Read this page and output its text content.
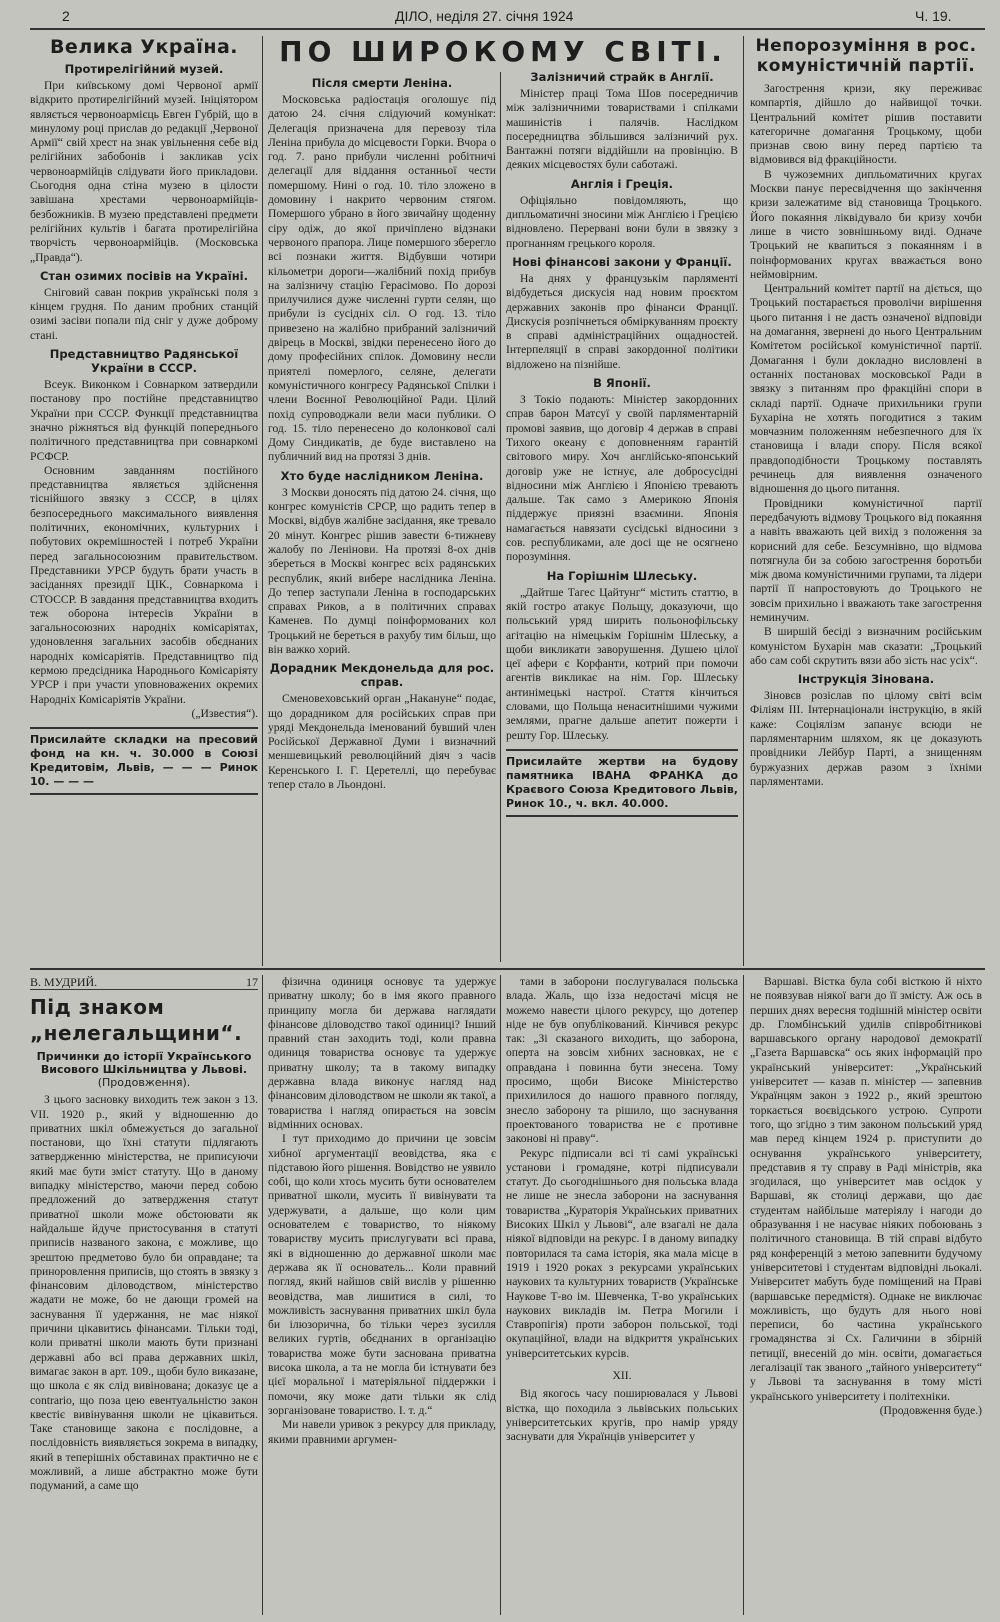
2	ДІЛО, неділя 27. січня 1924	Ч. 19.
Велика Україна.
Протирелігійний музей.

При київському домі Червоної армії відкрито протирелігійний музей. Ініціятором являється червоноармієць Евген Губрій, що в минулому році прислав до редакції „Червоної Армії“ свій хрест на знак увільнення себе від релігійних забобонів і закликав усіх червоноармійців слідувати його прикладови. Сьогодня одна стіна музею в цілости завішана хрестами червоноармійців-безбожників. В музею представлені предмети релігійних культів і багата протирелігійна творчість червоноармійців. (Московська „Правда“).

Стан озимих посівів на Україні.

Сніговий саван покрив українські поля з кінцем грудня. По даним пробних станцій озимі засіви попали під сніг у дуже доброму стані.

Представництво Радянської України в СССР.

Всеук. Виконком і Совнарком затвердили постанову про постійне представництво України при СССР. Функції представництва значно ріжняться від функцій попереднього політичного представництва при совнаркомі РСФСР.

Основним завданням постійного представництва являється здійснення тіснійшого звязку з СССР, в цілях безпосереднього максимального виявлення політичних, економічних, культурних і побутових окремішностей і потреб України перед загальносоюзним правительством. Представники УРСР будуть брати участь в засіданнях президії ЦІК., Совнаркома і СТОССР. В завдання представництва входить теж оборона інтересів України в загальносоюзних народніх комісаріятах, удоновлення загальних засобів обєднаних народніх комісаріятів. Представництво під кермою предсідника Народнього Комісаріяту УРСР і при участи уповноважених окремих Народніх Комісаріятів України.

(„Известия“).
Присилайте складки на пресовий фонд на кн. ч. 30.000 в Союзі Кредитовім, Львів, — — — Ринок 10. — — —
ПО ШИРОКОМУ СВІТІ.
Після смерти Леніна.

Московська радіостація оголошує під датою 24. січня слідуючий комунікат: Делегація призначена для перевозу тіла Леніна прибула до місцевости Горки. Вчора о год. 7. рано прибули численні робітничі делегації для віддання останньої чести помершому. Нині о год. 10. тіло зложено в домовину і накрито червоним стягом. Помершого убрано в його звичайну щоденну сіру одіж, до якої причіплено відзнаки червоного прапора. Лице помершого зберегло всі познаки життя. Відбувши чотири кільометри дороги—жалібний похід прибув на залізничу стацію Герасімово. По дорозі прилучилися дуже численні гурти селян, що прибули із сусідніх сіл. О год. 13. тіло привезено на жалібно прибраний залізничий двірець в Москві, звідки перенесено його до дому професійних спілок. Домовину несли приятелі померлого, селяне, делегати комуністичного конгресу Радянської Спілки і члени Воєнної Революційної Ради. Цілий похід супроводжали вели маси публики. О год. 15. тіло перенесено до колонкової салі Дому Синдикатів, де буде виставлено на публичний вид на протязі 3 днів.

Хто буде наслідником Леніна.

З Москви доносять під датою 24. січня, що конгрес комуністів СРСР, що радить тепер в Москві, відбув жалібне засідання, яке тревало 20 мінут. Конгрес рішив завести 6-тижневу жалобу по Ленінови. На протязі 8-ох днів збереться в Москві конгрес всіх радянських республик, який вибере наслідника Леніна. До тепер заступали Леніна в господарських справах Риков, а в політичних справах Каменев. По думці поінформованих кол Троцький не береться в рахубу тим більш, що він важко хорий.

Дорадник Мекдонельда для рос. справ.

Сменовеховський орган „Накануне“ подає, що дорадником для російських справ при уряді Мекдонельда іменований бувший член Російської Державної Думи і визначний меншевицький революційний діяч з часів Керенського І. Г. Церетеллі, що перебуває тепер стало в Льондоні.

Залізничий страйк в Англії.

Міністер праці Тома Шов посередничив між залізничними товариствами і спілками машиністів і палячів. Наслідком посередництва збільшився залізничий рух. Вантажні потяги віддійшли на провінцію. В деяких місцевостях були саботажі.

Англія і Греція.

Офіціяльно повідомляють, що дипльоматичні зносини між Англією і Грецією відновлено. Перервані вони були в звязку з прогнанням грецького короля.

Нові фінансові закони у Франції.

На днях у французькім парляменті відбудеться дискусія над новим проєктом державних законів про фінанси Франції. Дискусія розпічнеться обміркуванням проєкту в справі адміністраційних ощадностей. Інтерпеляції в справі закордонної політики відложено на пізнійше.

В Японії.

З Токіо подають: Міністер закордонних справ барон Матсуї у своїй парляментарній промові заявив, що договір 4 держав в справі Тихого океану є доповненням гарантій світового миру. Хоч англійсько-японський договір уже не істнує, але добросусідні відносини між Англією і Японією тревають дальше. Так само з Америкою Японія піддержує приязні взаємини. Японія намагається навязати сусідські відносини з сов. республиками, але досі ще не осягнено порозуміння.

На Горішнім Шлеську.

„Дайтше Тагес Цайтунг“ містить статтю, в якій гостро атакує Польщу, доказуючи, що польський уряд ширить польонофільську агітацію на німецькім Горішнім Шлеську, а щоби викликати заворушення. Душею цілої цеї афери є Корфанти, котрий при помочи агентів викликає на нім. Гор. Шлеську антинімецькі настрої. Стаття кінчиться словами, що Польща ненаситнішими чужими землями, прагне дальше апетит пожерти і решту Гор. Шлеську.

Присилайте жертви на будову памятника ІВАНА ФРАНКА до Краєвого Союза Кредитового Львів, Ринок 10., ч. вкл. 40.000.
Непорозуміння в рос. комуністичній партії.

Загострення кризи, яку переживає компартія, дійшло до найвищої точки. Центральний комітет рішив поставити категоричне домагання Троцькому, щоби признав свою вину перед партією та відмовився від фракційности.

В чужоземних дипльоматичних кругах Москви панує пересвідчення що закінчення кризи залежатиме від становища Троцького. Його покаяння ліквідувало би кризу хочби лише в чисто зовнішньому виді. Одначе Троцький не квапиться з покаянням і в поінформованих кругах вважається воно неймовірним.

Центральний комітет партії на діється, що Троцький постарається проволічи вирішення цього питання і не дасть означеної відповіди на домагання, звернені до нього Центральним Комітетом російської комуністичної партії. Домагання і були докладно висловлені в останніх постановах московської Ради в звязку з питанням про фракційні спори в складі партії. Одначе прихильники групи Бухаріна не хотять погодитися з таким мовчазним положенням небезпечного для їх становища і влади спору. Після всякої правдоподібности Троцькому поставлять речинець для виявлення означеного відношення до цього питання.

Провідники комуністичної партії передбачують відмову Троцького від покаяння а навіть вважають цей вихід з положення за корисний для себе. Безсумнівно, що відмова потягнула би за собою загострення боротьби між двома комуністичними групами, та лідери партії її напростовують до Троцького не зовсім прихильно і вважають таке загострення неминучим.

В ширшій бесіді з визначним російським комуністом Бухарін мав сказати: „Троцький або сам собі скрутить вязи або зість нас усіх“.

Інструкція Зінована.

Зіновєв розіслав по цілому світі всім Філіям III. Інтернаціонали інструкцію, в якій каже: Соціялізм запанує всюди не парляментарним шляхом, як це доказують провідники Лейбур Парті, а знищенням буржуазних держав разом з їхніми парляментами.

В. МУДРИЙ.	17
Під знаком „нелегальщини“.
Причинки до історії Українського Висового Шкільництва у Львові.
(Продовження).

З цього засновку виходить теж закон з 13. VII. 1920 р., який у відношенню до приватних шкіл обмежується до загальної постанови, що їхні статути підлягають затвердженню міністерства, не приписуючи який має бути зміст статуту. Що в даному випадку міністерство, маючи перед собою предложений до затвердження статут приватної школи може обстоювати як найдальше йдуче пристосування в статуті приписів названого закона, є можливе, що зрештою предметово було би оправдане; та приноровлення приписів, що стоять в звязку з фінансовим діловодством, міністерство жадати не може, бо не дающи громей на заснування її удержання, не має ніякої причини цікавитись фінансами. Тільки тоді, коли приватні школи мають бути признані державні або всі права державних шкіл, вимагає закон в арт. 109., щоби було виказане, що школа є як слід вивінована; доказує це а contrario, що поза цею евентуальністю закон квестіє вивінування школи не цікавиться. Таке становище закона є послідовне, а послідовність виявляється зокрема в випадку, який в теперішніх обставинах практично не є можливий, а лише абстрактно може бути подуманий, а саме що

фізична одиниця основує та удержує приватну школу; бо в імя якого правного принципу могла би держава наглядати фінансове діловодство такої одиниці? Інший правний стан заходить тоді, коли правна одиниця товариства основує та удержує приватну школу; та в такому випадку державна влада виконує нагляд над фінансовим діловодством не школи як такої, а товариства і нагляд опирається на зовсім відмінних основах.

І тут приходимо до причини це зовсім хибної аргументації веовідства, яка є підставою його рішення. Вовідство не уявило собі, що коли хтось мусить бути основателем приватної школи, мусить її вивінувати та удержувати, а дальше, що коли цим основателем є товариство, то ніякому товариству мусить прислугувати всі права, які в відношенню до державної школи має держава як її основатель... Коли правний погляд, який найшов свій вислів у рішенню веовідства, мав лишитися в силі, то можливість заснування приватних шкіл була би ілюзорична, бо тільки через зусилля великих гуртів, обєднаних в організацію товариства може бути заснована приватна висока школа, а та не могла би істнувати без цієї моральної і матеріяльної піддержки і помочи, яку може дати тільки як слід зорганізоване товариство. І. т. д.“

Ми навели уривок з рекурсу для прикладу, якими правними аргумен-

тами в заборони послугувалася польська влада. Жаль, що ізза недостачі місця не можемо навести цілого рекурсу, що дотепер ніде не був опублікований. Кінчився рекурс так: „Зі сказаного виходить, що заборона, оперта на зовсім хибних засновках, не є оправдана і повинна бути знесена. Тому просимо, щоби Високе Міністерство прихилилося до нашого правного погляду, знесло заборону та рішило, що заснування проектованого товариства не є противне законові ні праву“.

Рекурс підписали всі ті самі українські установи і громадяне, котрі підписували статут. До сьогоднішнього дня польська влада не лише не знесла заборони на заснування товариства „Кураторія Українських приватних Високих Шкіл у Львові“, але взагалі не дала ніякої відповіди на рекурс. І в даному випадку повторилася та сама історія, яка мала місце в 1919 і 1920 роках з рекурсами українських наукових та культурних товариств (Українське Наукове Т-во ім. Шевченка, Т-во українських наукових викладів ім. Петра Могили і Ставропігія) проти заборон польської, тоді окупаційної, влади на відкриття українських університетських курсів.

XII.

Від якогось часу поширювалася у Львові вістка, що походила з львівських польських університетських кругів, про намір уряду заснувати для Українців університет у

Варшаві. Вістка була собі вісткою й ніхто не появзував ніякої ваги до її змісту. Аж ось в перших днях вересня тодішній міністер освіти др. Гломбінський удилів співробітникові варшавського органу народової демократії „Газета Варшавска“ ось яких інформацій про український університет: „Український університет — казав п. міністер — запевнив Українцям закон з 1922 р., який зрештою торкається воєвідського устрою. Супроти того, що згідно з тим законом польський уряд мав перед кінцем 1924 р. приступити до оснування українського університету, представив я ту справу в Раді міністрів, яка згодилася, що університет мав осідок у Варшаві, як столиці держави, що дає студентам найбільше матеріялу і нагоди до образування і не насуває ніяких побоювань з політичного становища. В тій справі відбуто ряд конференцій з метою запевнити будучому університетові і студентам відповідні льокалі. Університет мабуть буде поміщений на Праві (варшавське передмістя). Однаке не виключає можливість, що будуть для нього нові переписи, бо частина українського громадянства зі Сх. Галичини в збірній петиції, внесеній до мін. освіти, домагається легалізації так званого „тайного університету“ у Львові та заснування в тому місті українського університету і політехніки.

(Продовження буде.)
